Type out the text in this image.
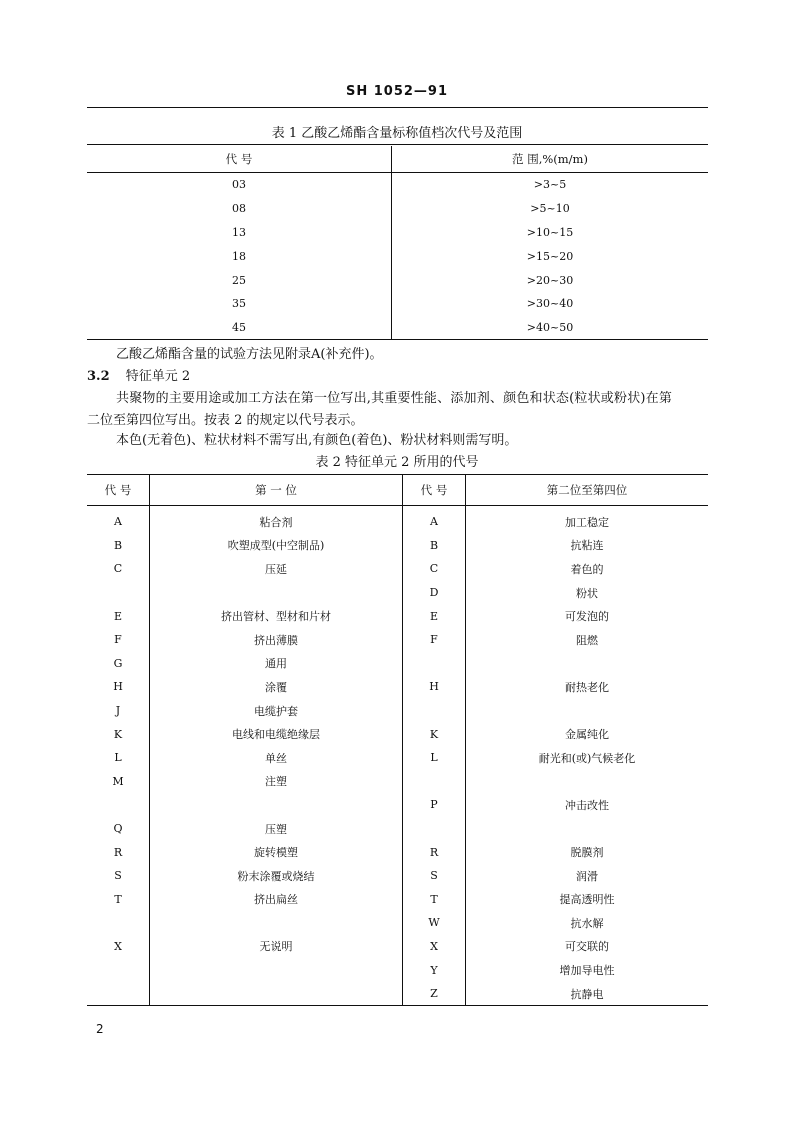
SH 1052—91
表 1 乙酸乙烯酯含量标称值档次代号及范围
代 号	范 围,%(m/m)
03	>3~5
08	>5~10
13	>10~15
18	>15~20
25	>20~30
35	>30~40
45	>40~50
乙酸乙烯酯含量的试验方法见附录A(补充件)。
3.2 特征单元 2
共聚物的主要用途或加工方法在第一位写出,其重要性能、添加剂、颜色和状态(粒状或粉状)在第
二位至第四位写出。按表 2 的规定以代号表示。
本色(无着色)、粒状材料不需写出,有颜色(着色)、粉状材料则需写明。
表 2 特征单元 2 所用的代号
代 号	第 一 位	代 号	第二位至第四位
A	粘合剂	A	加工稳定
B	吹塑成型(中空制品)	B	抗粘连
C	压延	C	着色的
		D	粉状
E	挤出管材、型材和片材	E	可发泡的
F	挤出薄膜	F	阻燃
G	通用		
H	涂覆	H	耐热老化
J	电缆护套		
K	电线和电缆绝缘层	K	金属纯化
L	单丝	L	耐光和(或)气候老化
M	注塑		
		P	冲击改性
Q	压塑		
R	旋转模塑	R	脱膜剂
S	粉末涂覆或烧结	S	润滑
T	挤出扁丝	T	提高透明性
		W	抗水解
X	无说明	X	可交联的
		Y	增加导电性
		Z	抗静电
2
